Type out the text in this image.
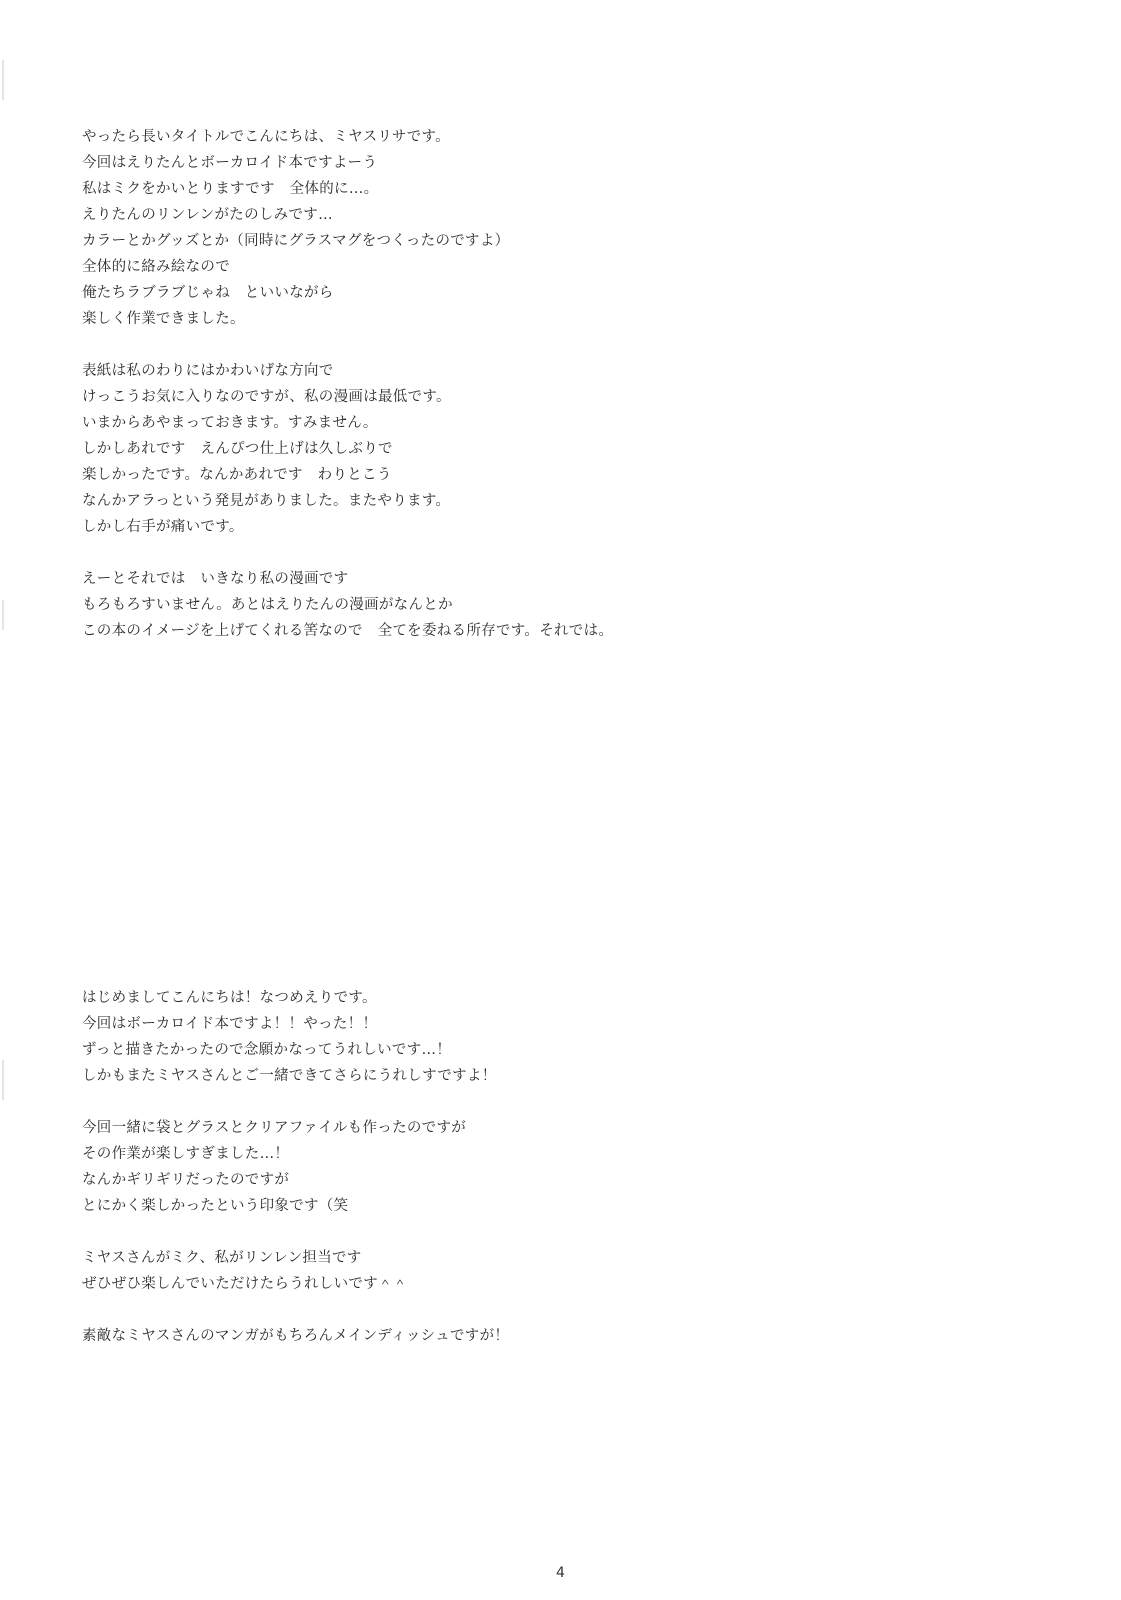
やったら長いタイトルでこんにちは、ミヤスリサです。
今回はえりたんとボーカロイド本ですよーう
私はミクをかいとりますです　全体的に…。
えりたんのリンレンがたのしみです…
カラーとかグッズとか（同時にグラスマグをつくったのですよ）
全体的に絡み絵なので
俺たちラブラブじゃね　といいながら
楽しく作業できました。
表紙は私のわりにはかわいげな方向で
けっこうお気に入りなのですが、私の漫画は最低です。
いまからあやまっておきます。すみません。
しかしあれです　えんぴつ仕上げは久しぶりで
楽しかったです。なんかあれです　わりとこう
なんかアラっという発見がありました。またやります。
しかし右手が痛いです。
えーとそれでは　いきなり私の漫画です
もろもろすいません。あとはえりたんの漫画がなんとか
この本のイメージを上げてくれる筈なので　全てを委ねる所存です。それでは。
はじめましてこんにちは！なつめえりです。
今回はボーカロイド本ですよ！！やった！！
ずっと描きたかったので念願かなってうれしいです…！
しかもまたミヤスさんとご一緒できてさらにうれしすですよ！
今回一緒に袋とグラスとクリアファイルも作ったのですが
その作業が楽しすぎました…！
なんかギリギリだったのですが
とにかく楽しかったという印象です（笑
ミヤスさんがミク、私がリンレン担当です
ぜひぜひ楽しんでいただけたらうれしいです＾＾
素敵なミヤスさんのマンガがもちろんメインディッシュですが！
4
